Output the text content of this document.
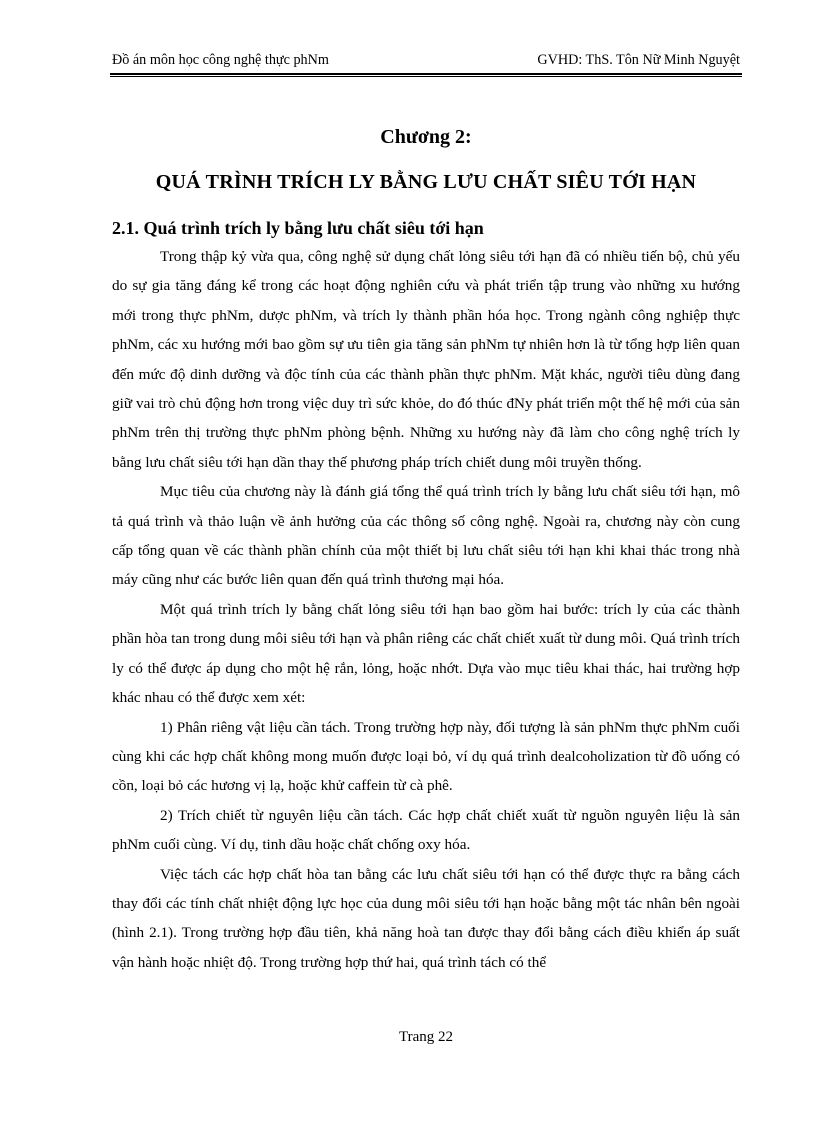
Đồ án môn học công nghệ thực phNm	GVHD: ThS. Tôn Nữ Minh Nguyệt
Chương 2:
QUÁ TRÌNH TRÍCH LY BẰNG LƯU CHẤT SIÊU TỚI HẠN
2.1. Quá trình trích ly bằng lưu chất siêu tới hạn

Trong thập kỷ vừa qua, công nghệ sử dụng chất lỏng siêu tới hạn đã có nhiều tiến bộ, chủ yếu do sự gia tăng đáng kể trong các hoạt động nghiên cứu và phát triển tập trung vào những xu hướng mới trong thực phNm, dược phNm, và trích ly thành phần hóa học. Trong ngành công nghiệp thực phNm, các xu hướng mới bao gồm sự ưu tiên gia tăng sản phNm tự nhiên hơn là từ tổng hợp liên quan đến mức độ dinh dưỡng và độc tính của các thành phần thực phNm. Mặt khác, người tiêu dùng đang giữ vai trò chủ động hơn trong việc duy trì sức khỏe, do đó thúc đNy phát triển một thế hệ mới của sản phNm trên thị trường thực phNm phòng bệnh. Những xu hướng này đã làm cho công nghệ trích ly bằng lưu chất siêu tới hạn dần thay thế phương pháp trích chiết dung môi truyền thống.

Mục tiêu của chương này là đánh giá tổng thể quá trình trích ly bằng lưu chất siêu tới hạn, mô tả quá trình và thảo luận về ảnh hưởng của các thông số công nghệ. Ngoài ra, chương này còn cung cấp tổng quan về các thành phần chính của một thiết bị lưu chất siêu tới hạn khi khai thác trong nhà máy cũng như các bước liên quan đến quá trình thương mại hóa.

Một quá trình trích ly bằng chất lỏng siêu tới hạn bao gồm hai bước: trích ly của các thành phần hòa tan trong dung môi siêu tới hạn và phân riêng các chất chiết xuất từ dung môi. Quá trình trích ly có thể được áp dụng cho một hệ rắn, lỏng, hoặc nhớt. Dựa vào mục tiêu khai thác, hai trường hợp khác nhau có thể được xem xét:

1) Phân riêng vật liệu cần tách. Trong trường hợp này, đối tượng là sản phNm thực phNm cuối cùng khi các hợp chất không mong muốn được loại bỏ, ví dụ quá trình dealcoholization từ đồ uống có cồn, loại bỏ các hương vị lạ, hoặc khử caffein từ cà phê.

2) Trích chiết từ nguyên liệu cần tách. Các hợp chất chiết xuất từ nguồn nguyên liệu là sản phNm cuối cùng. Ví dụ, tinh dầu hoặc chất chống oxy hóa.

Việc tách các hợp chất hòa tan bằng các lưu chất siêu tới hạn có thể được thực ra bằng cách thay đổi các tính chất nhiệt động lực học của dung môi siêu tới hạn hoặc bằng một tác nhân bên ngoài (hình 2.1). Trong trường hợp đầu tiên, khả năng hoà tan được thay đổi bằng cách điều khiển áp suất vận hành hoặc nhiệt độ. Trong trường hợp thứ hai, quá trình tách có thể

Trang 22
